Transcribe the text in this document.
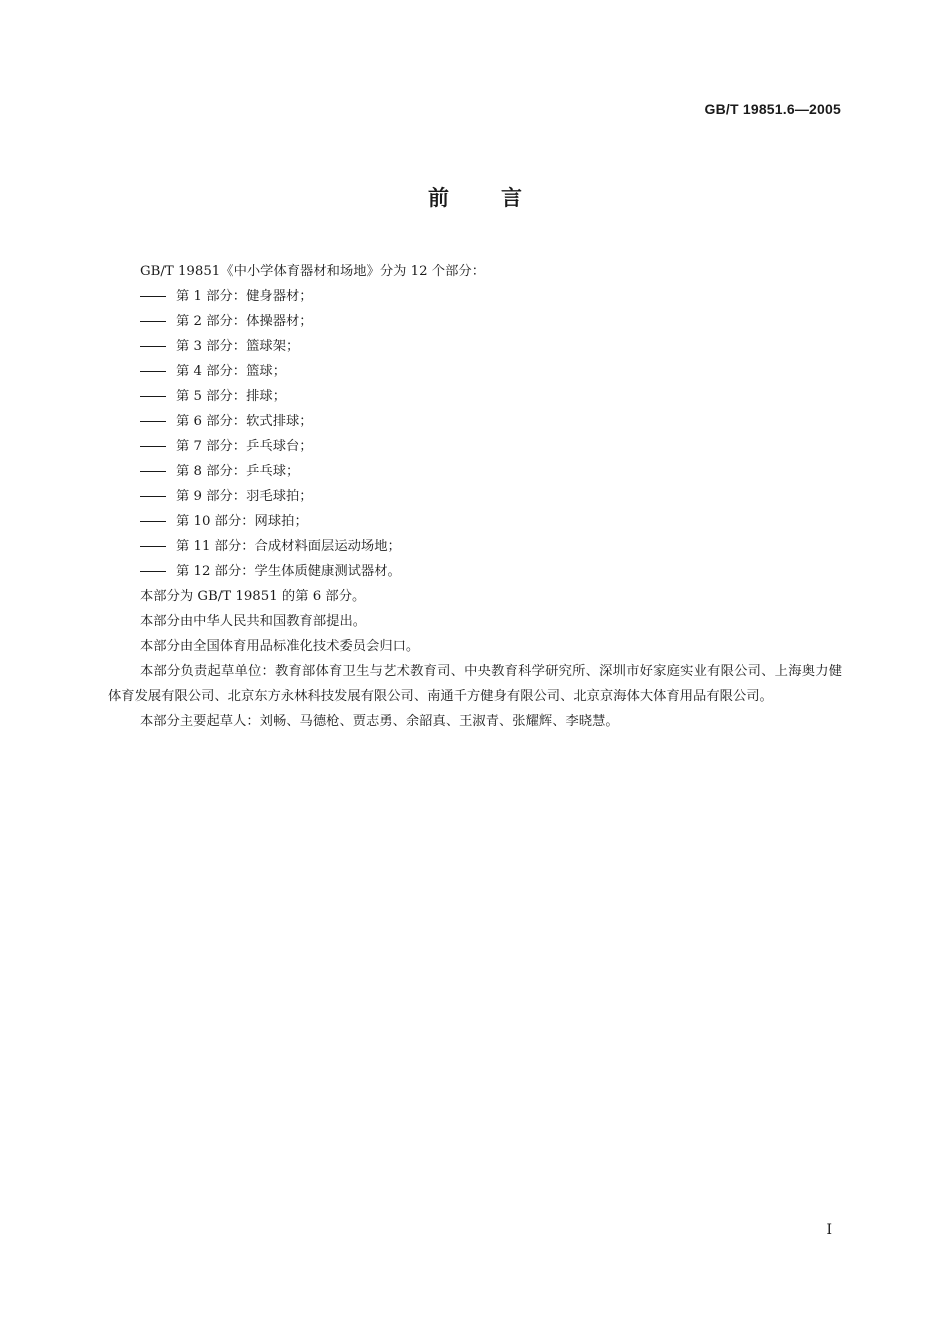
GB/T 19851.6—2005
前言

GB/T 19851《中小学体育器材和场地》分为 12 个部分：

第 1 部分：健身器材；

第 2 部分：体操器材；

第 3 部分：篮球架；

第 4 部分：篮球；

第 5 部分：排球；

第 6 部分：软式排球；

第 7 部分：乒乓球台；

第 8 部分：乒乓球；

第 9 部分：羽毛球拍；

第 10 部分：网球拍；

第 11 部分：合成材料面层运动场地；

第 12 部分：学生体质健康测试器材。

本部分为 GB/T 19851 的第 6 部分。

本部分由中华人民共和国教育部提出。

本部分由全国体育用品标准化技术委员会归口。

本部分负责起草单位：教育部体育卫生与艺术教育司、中央教育科学研究所、深圳市好家庭实业有限公司、上海奥力健体育发展有限公司、北京东方永林科技发展有限公司、南通千方健身有限公司、北京京海体大体育用品有限公司。

本部分主要起草人：刘畅、马德枪、贾志勇、余韶真、王淑青、张耀辉、李晓慧。

I
